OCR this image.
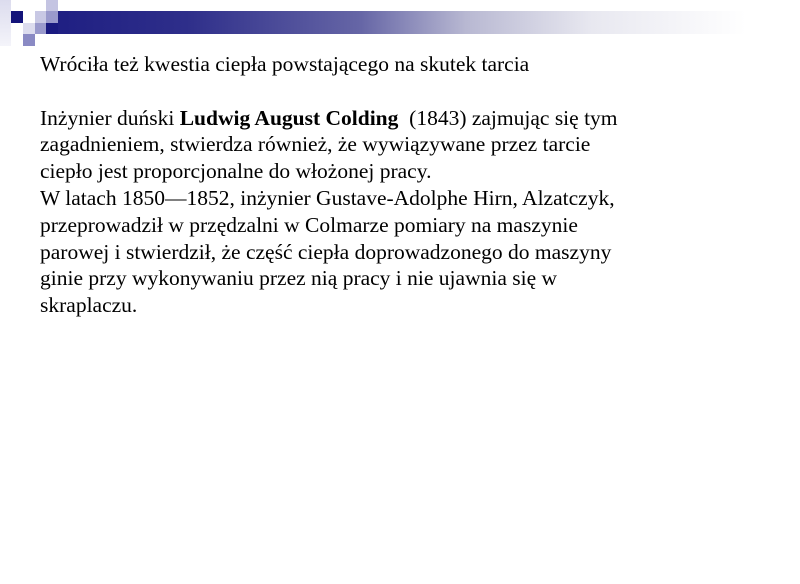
Wróciła też kwestia ciepła powstającego na skutek tarcia
Inżynier duński Ludwig August Colding  (1843) zajmując się tym
zagadnieniem, stwierdza również, że wywiązywane przez tarcie
ciepło jest proporcjonalne do włożonej pracy.
W latach 1850—1852, inżynier Gustave-Adolphe Hirn, Alzatczyk,
przeprowadził w przędzalni w Colmarze pomiary na maszynie
parowej i stwierdził, że część ciepła doprowadzonego do maszyny
ginie przy wykonywaniu przez nią pracy i nie ujawnia się w
skraplaczu.
